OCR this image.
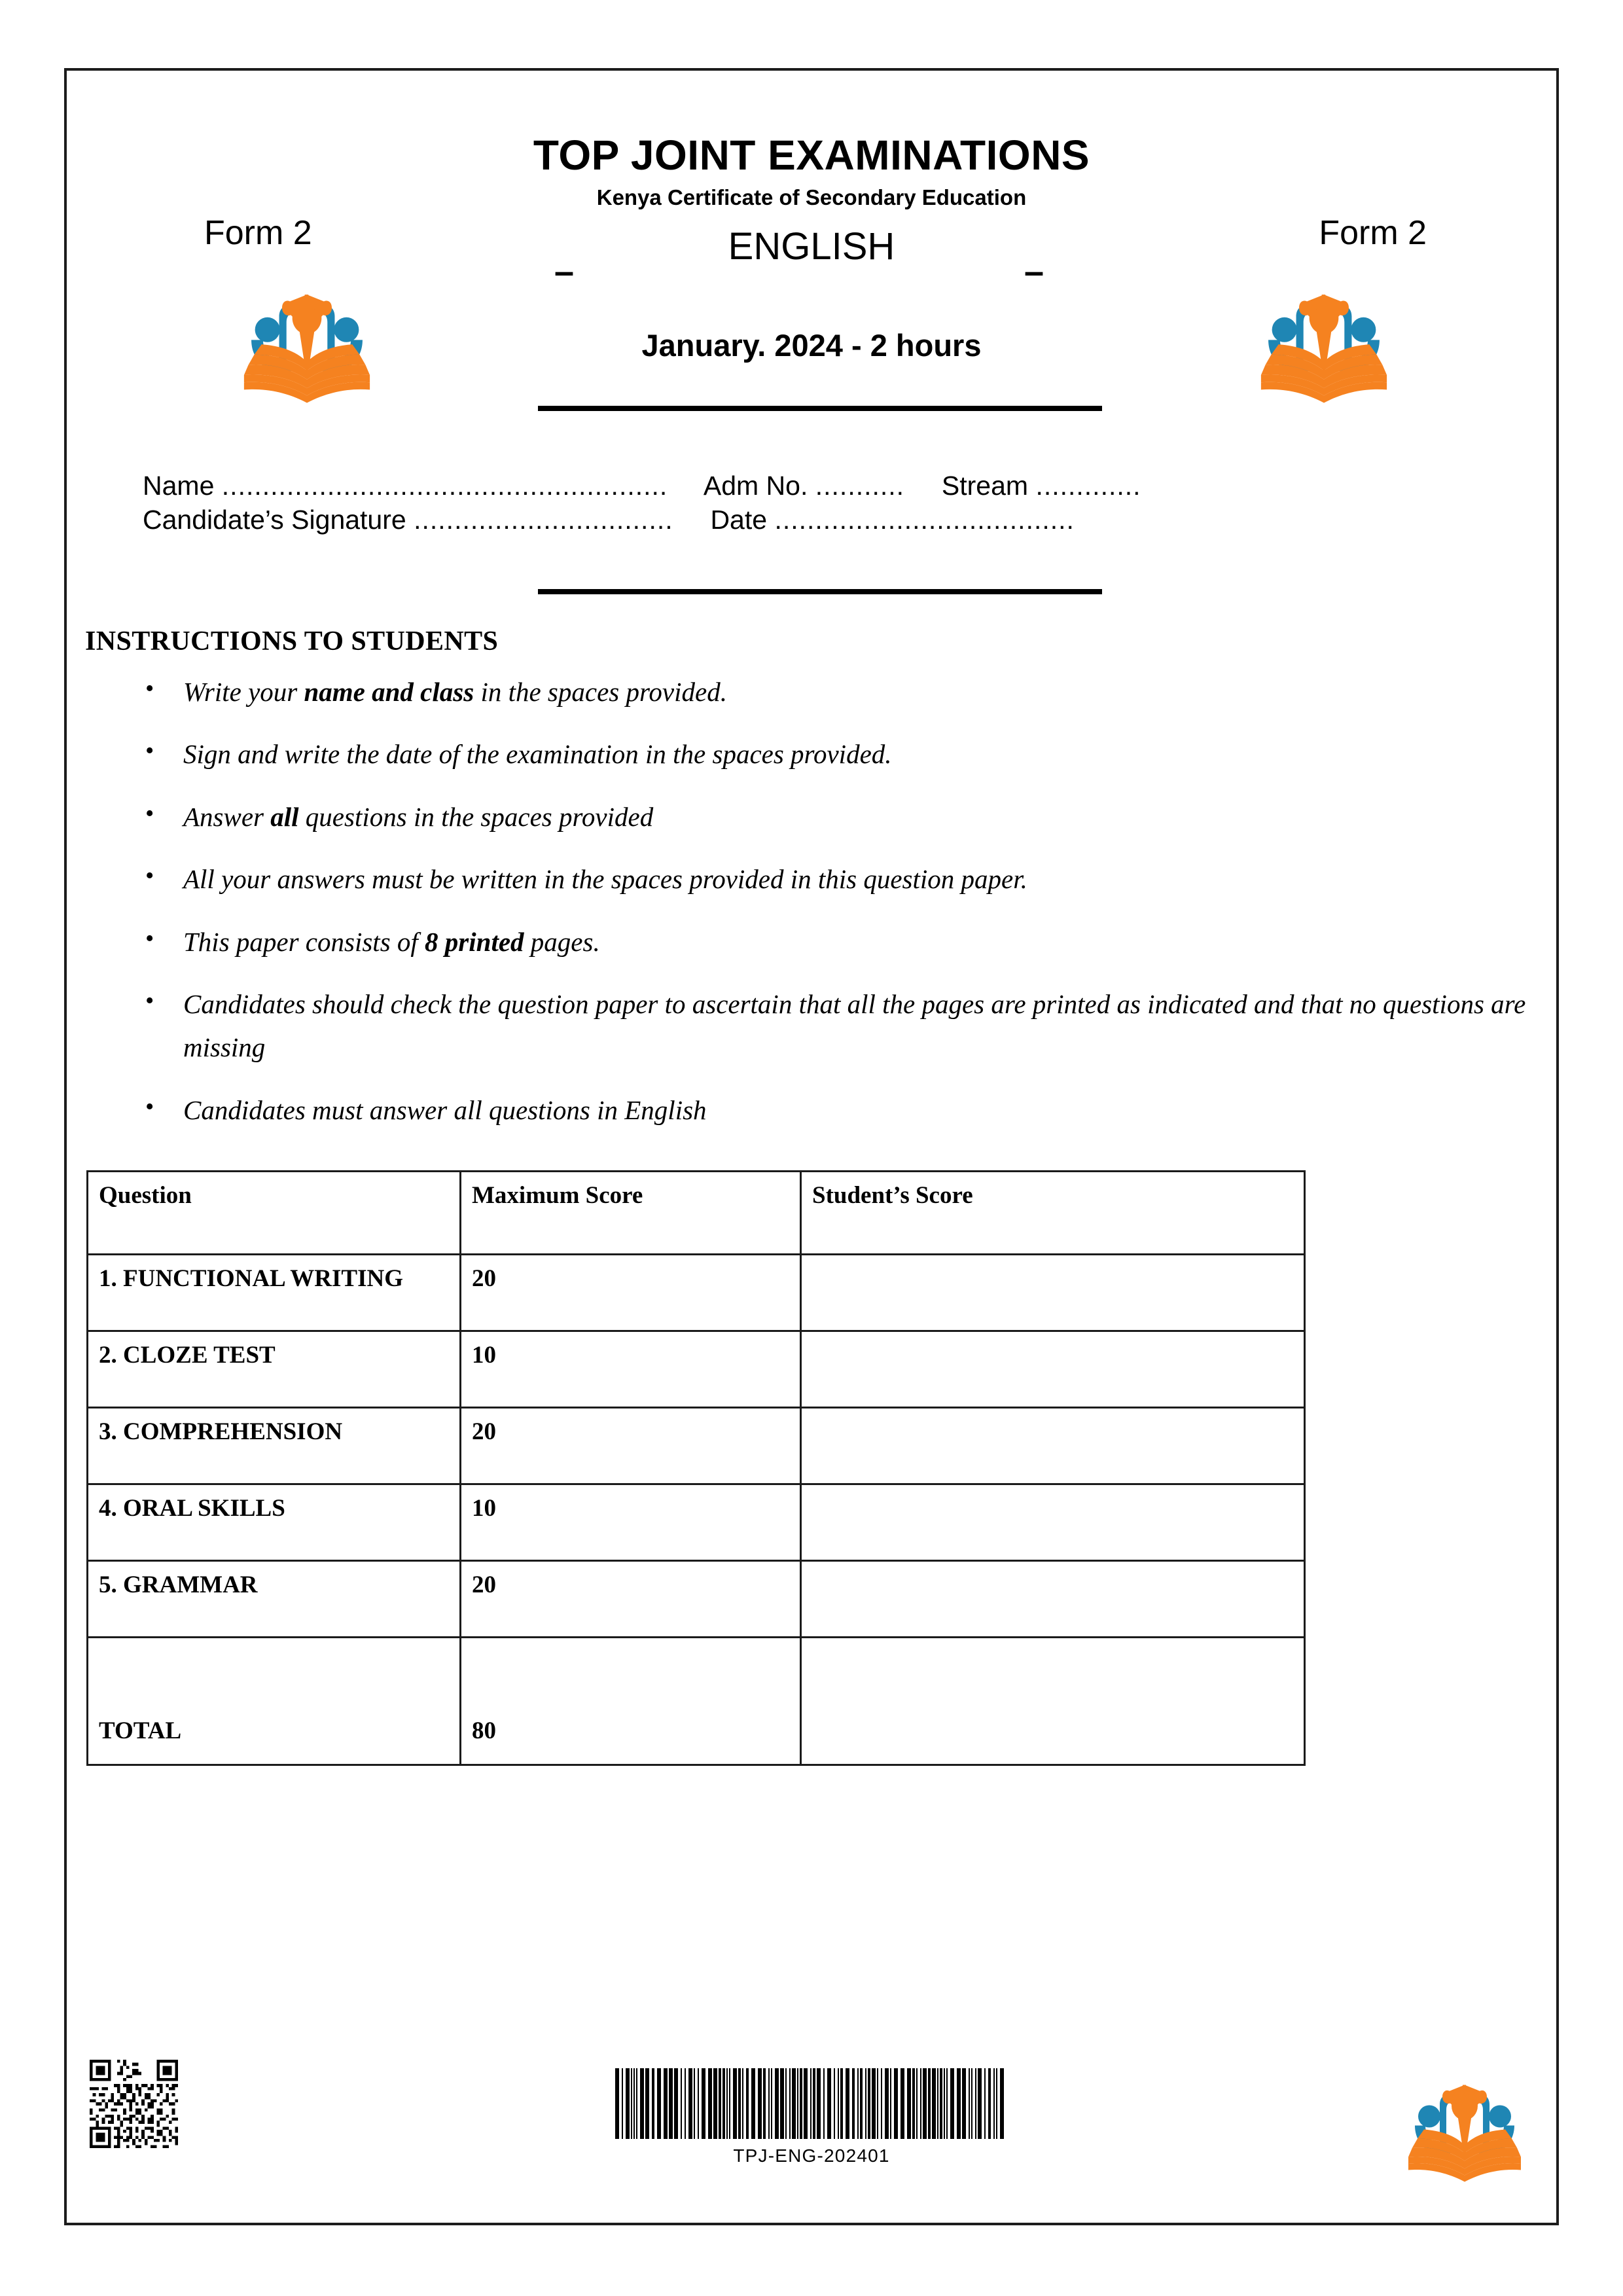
TOP JOINT EXAMINATIONS
Kenya Certificate of Secondary Education
Form 2	Form 2
–
ENGLISH
–
January. 2024 - 2 hours
Name ....................................................... Adm No. ........... Stream .............
Candidate’s Signature ................................ Date .....................................
INSTRUCTIONS TO STUDENTS
• Write your name and class in the spaces provided.
• Sign and write the date of the examination in the spaces provided.
• Answer all questions in the spaces provided
• All your answers must be written in the spaces provided in this question paper.
• This paper consists of 8 printed pages.
• Candidates should check the question paper to ascertain that all the pages are printed as indicated and that no questions are missing
• Candidates must answer all questions in English
Question	Maximum Score	Student’s Score
1. FUNCTIONAL WRITING	20	
2. CLOZE TEST	10	
3. COMPREHENSION	20	
4. ORAL SKILLS	10	
5. GRAMMAR	20	
TOTAL	80	
TPJ-ENG-202401
